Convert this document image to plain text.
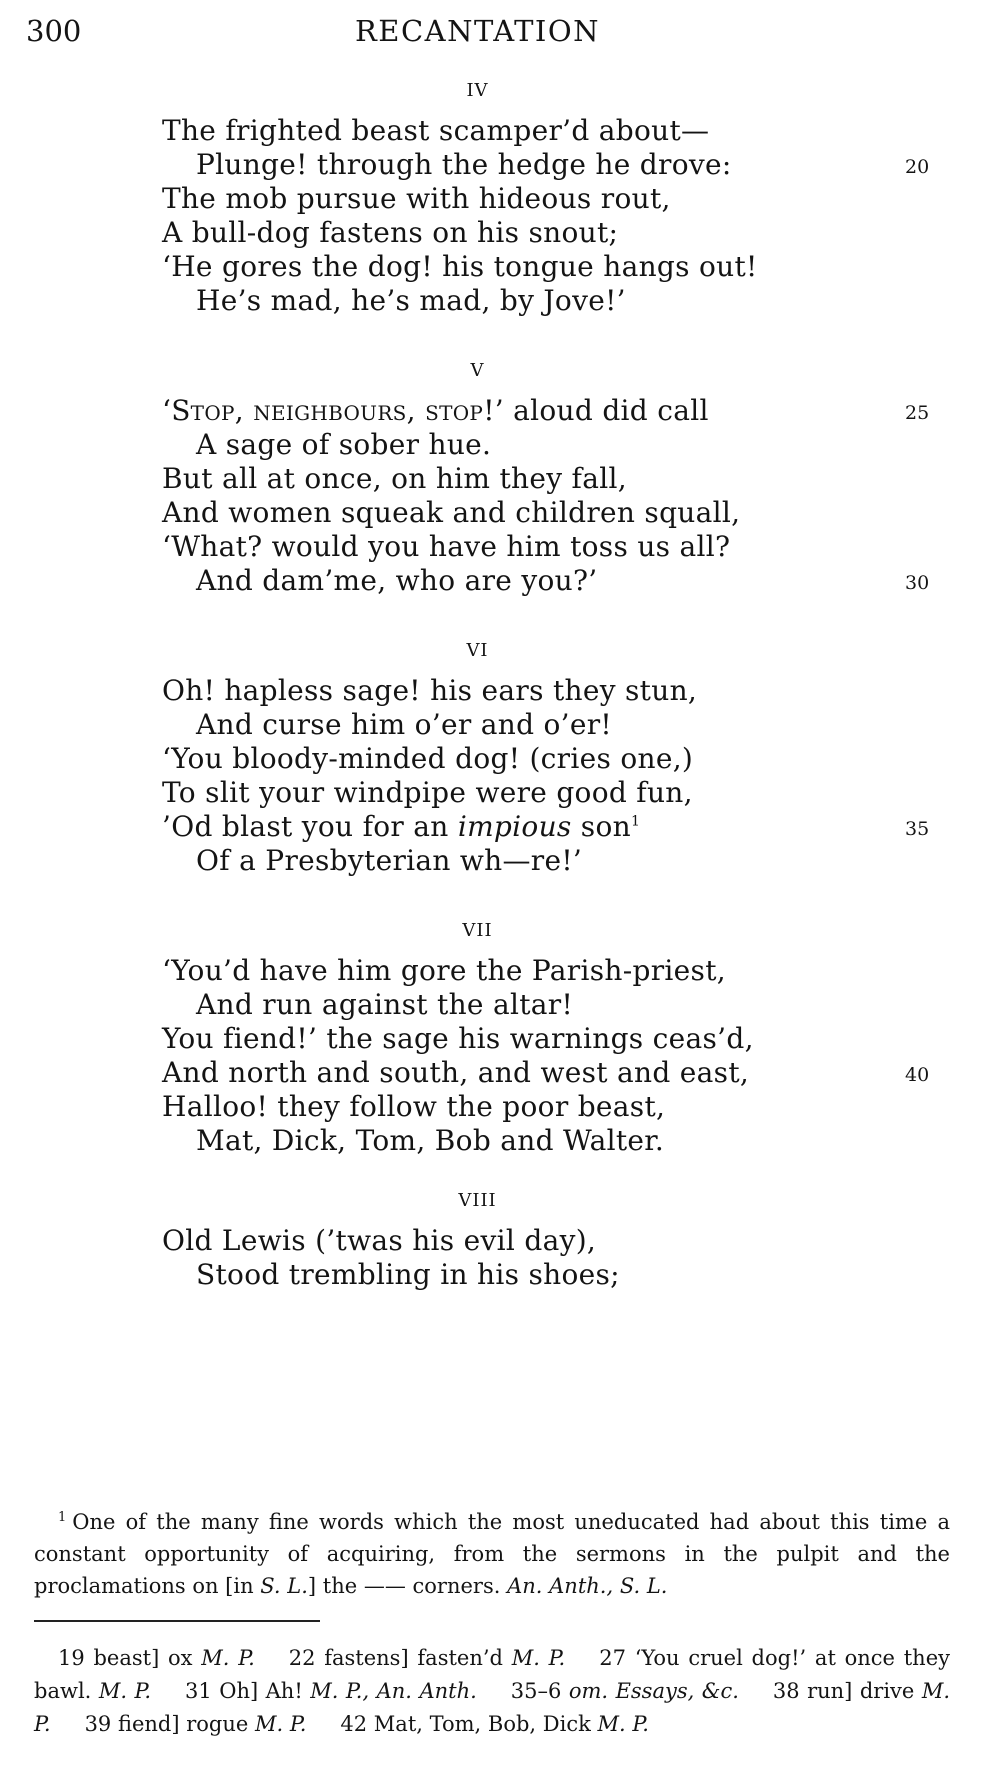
300	RECANTATION
IV
The frighted beast scamper’d about—
Plunge! through the hedge he drove:	20
The mob pursue with hideous rout,
A bull-dog fastens on his snout;
‘He gores the dog! his tongue hangs out!
He’s mad, he’s mad, by Jove!’
V
‘Stop, neighbours, stop!’ aloud did call	25
A sage of sober hue.
But all at once, on him they fall,
And women squeak and children squall,
‘What? would you have him toss us all?
And dam’me, who are you?’	30
VI
Oh! hapless sage! his ears they stun,
And curse him o’er and o’er!
‘You bloody-minded dog! (cries one,)
To slit your windpipe were good fun,
’Od blast you for an impious son$^1$	35
Of a Presbyterian wh—re!’
VII
‘You’d have him gore the Parish-priest,
And run against the altar!
You fiend!’ the sage his warnings ceas’d,
And north and south, and west and east,	40
Halloo! they follow the poor beast,
Mat, Dick, Tom, Bob and Walter.
VIII
Old Lewis (’twas his evil day),
Stood trembling in his shoes;

$^1$ One of the many fine words which the most uneducated had about this time a constant opportunity of acquiring, from the sermons in the pulpit and the proclamations on [in S. L.] the —— corners. An. Anth., S. L.

19 beast] ox M. P. 22 fastens] fasten’d M. P. 27 ‘You cruel dog!’ at once they bawl. M. P. 31 Oh] Ah! M. P., An. Anth. 35–6 om. Essays, &c. 38 run] drive M. P. 39 fiend] rogue M. P. 42 Mat, Tom, Bob, Dick M. P.
